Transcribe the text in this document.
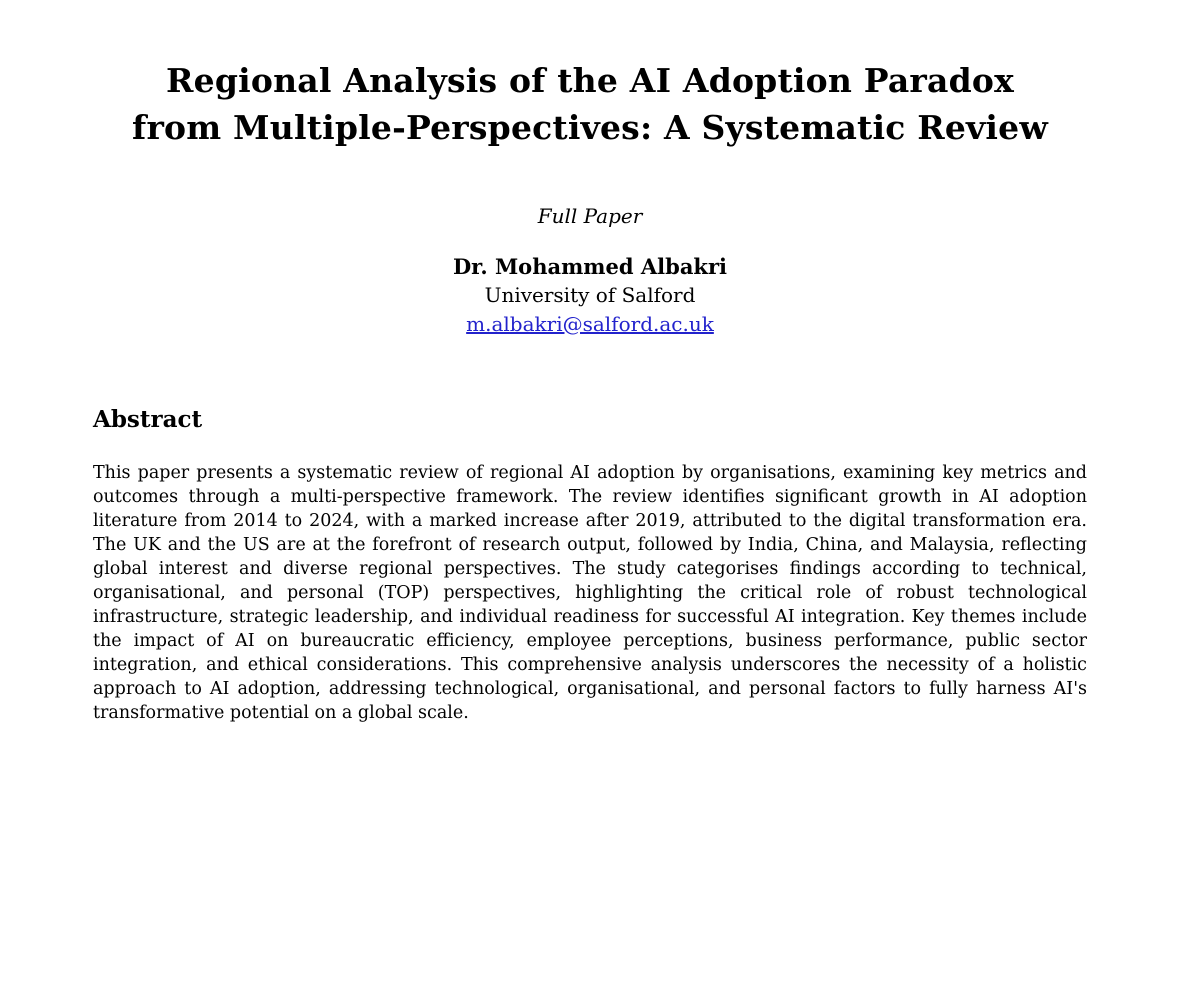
Regional Analysis of the AI Adoption Paradox from Multiple-Perspectives: A Systematic Review
Full Paper
Dr. Mohammed Albakri
University of Salford
m.albakri@salford.ac.uk
Abstract

This paper presents a systematic review of regional AI adoption by organisations, examining key metrics and outcomes through a multi-perspective framework. The review identifies significant growth in AI adoption literature from 2014 to 2024, with a marked increase after 2019, attributed to the digital transformation era. The UK and the US are at the forefront of research output, followed by India, China, and Malaysia, reflecting global interest and diverse regional perspectives. The study categorises findings according to technical, organisational, and personal (TOP) perspectives, highlighting the critical role of robust technological infrastructure, strategic leadership, and individual readiness for successful AI integration. Key themes include the impact of AI on bureaucratic efficiency, employee perceptions, business performance, public sector integration, and ethical considerations. This comprehensive analysis underscores the necessity of a holistic approach to AI adoption, addressing technological, organisational, and personal factors to fully harness AI's transformative potential on a global scale.
